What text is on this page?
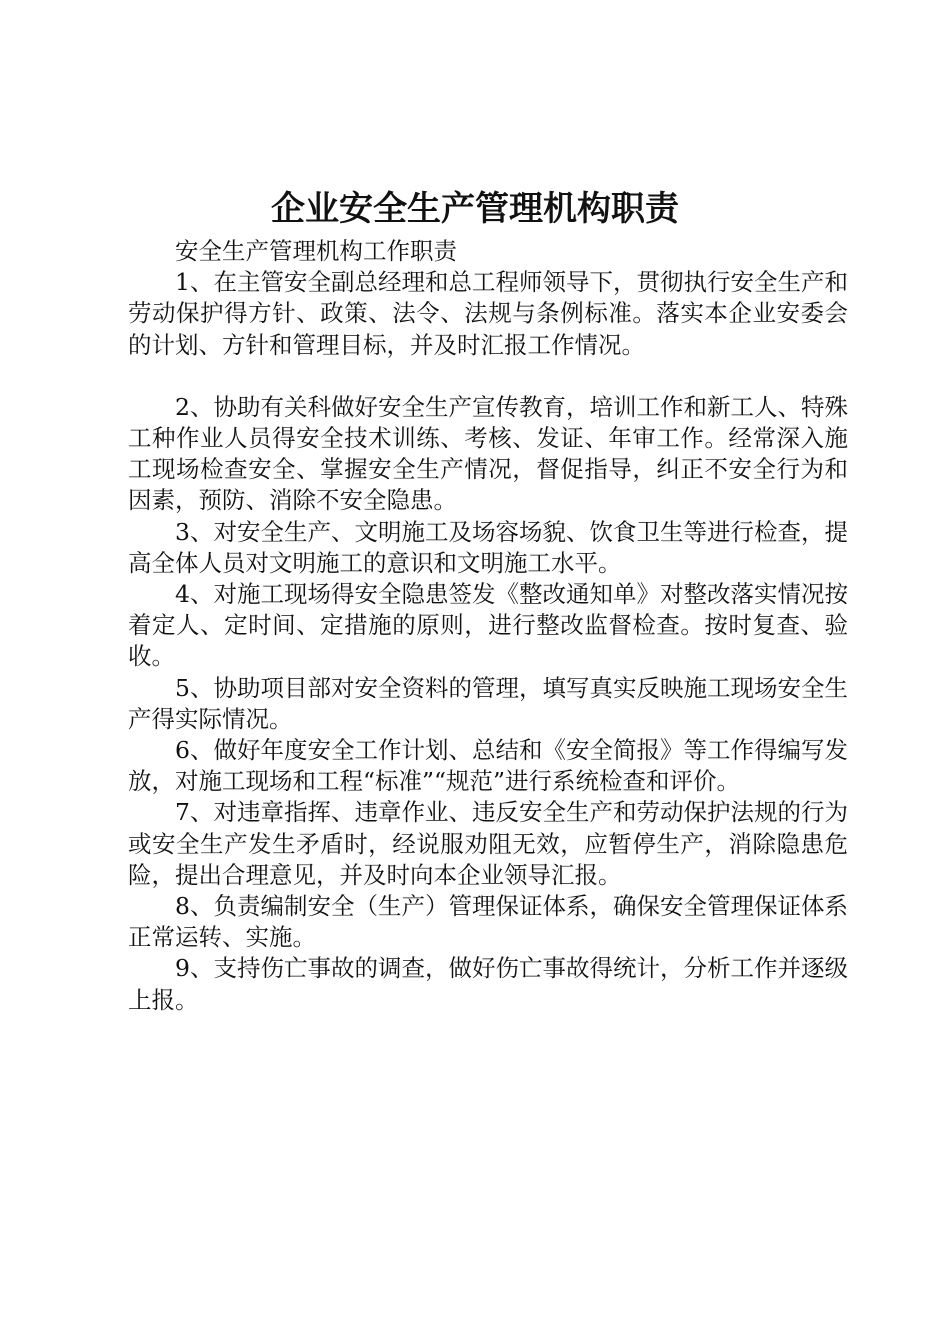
企业安全生产管理机构职责

安全生产管理机构工作职责

1、在主管安全副总经理和总工程师领导下，贯彻执行安全生产和劳动保护得方针、政策、法令、法规与条例标准。落实本企业安委会的计划、方针和管理目标，并及时汇报工作情况。

2、协助有关科做好安全生产宣传教育，培训工作和新工人、特殊工种作业人员得安全技术训练、考核、发证、年审工作。经常深入施工现场检查安全、掌握安全生产情况，督促指导，纠正不安全行为和因素，预防、消除不安全隐患。

3、对安全生产、文明施工及场容场貌、饮食卫生等进行检查，提高全体人员对文明施工的意识和文明施工水平。

4、对施工现场得安全隐患签发《整改通知单》对整改落实情况按着定人、定时间、定措施的原则，进行整改监督检查。按时复查、验收。

5、协助项目部对安全资料的管理，填写真实反映施工现场安全生产得实际情况。

6、做好年度安全工作计划、总结和《安全简报》等工作得编写发放，对施工现场和工程“标准”“规范”进行系统检查和评价。

7、对违章指挥、违章作业、违反安全生产和劳动保护法规的行为或安全生产发生矛盾时，经说服劝阻无效，应暂停生产，消除隐患危险，提出合理意见，并及时向本企业领导汇报。

8、负责编制安全（生产）管理保证体系，确保安全管理保证体系正常运转、实施。

9、支持伤亡事故的调查，做好伤亡事故得统计，分析工作并逐级上报。
